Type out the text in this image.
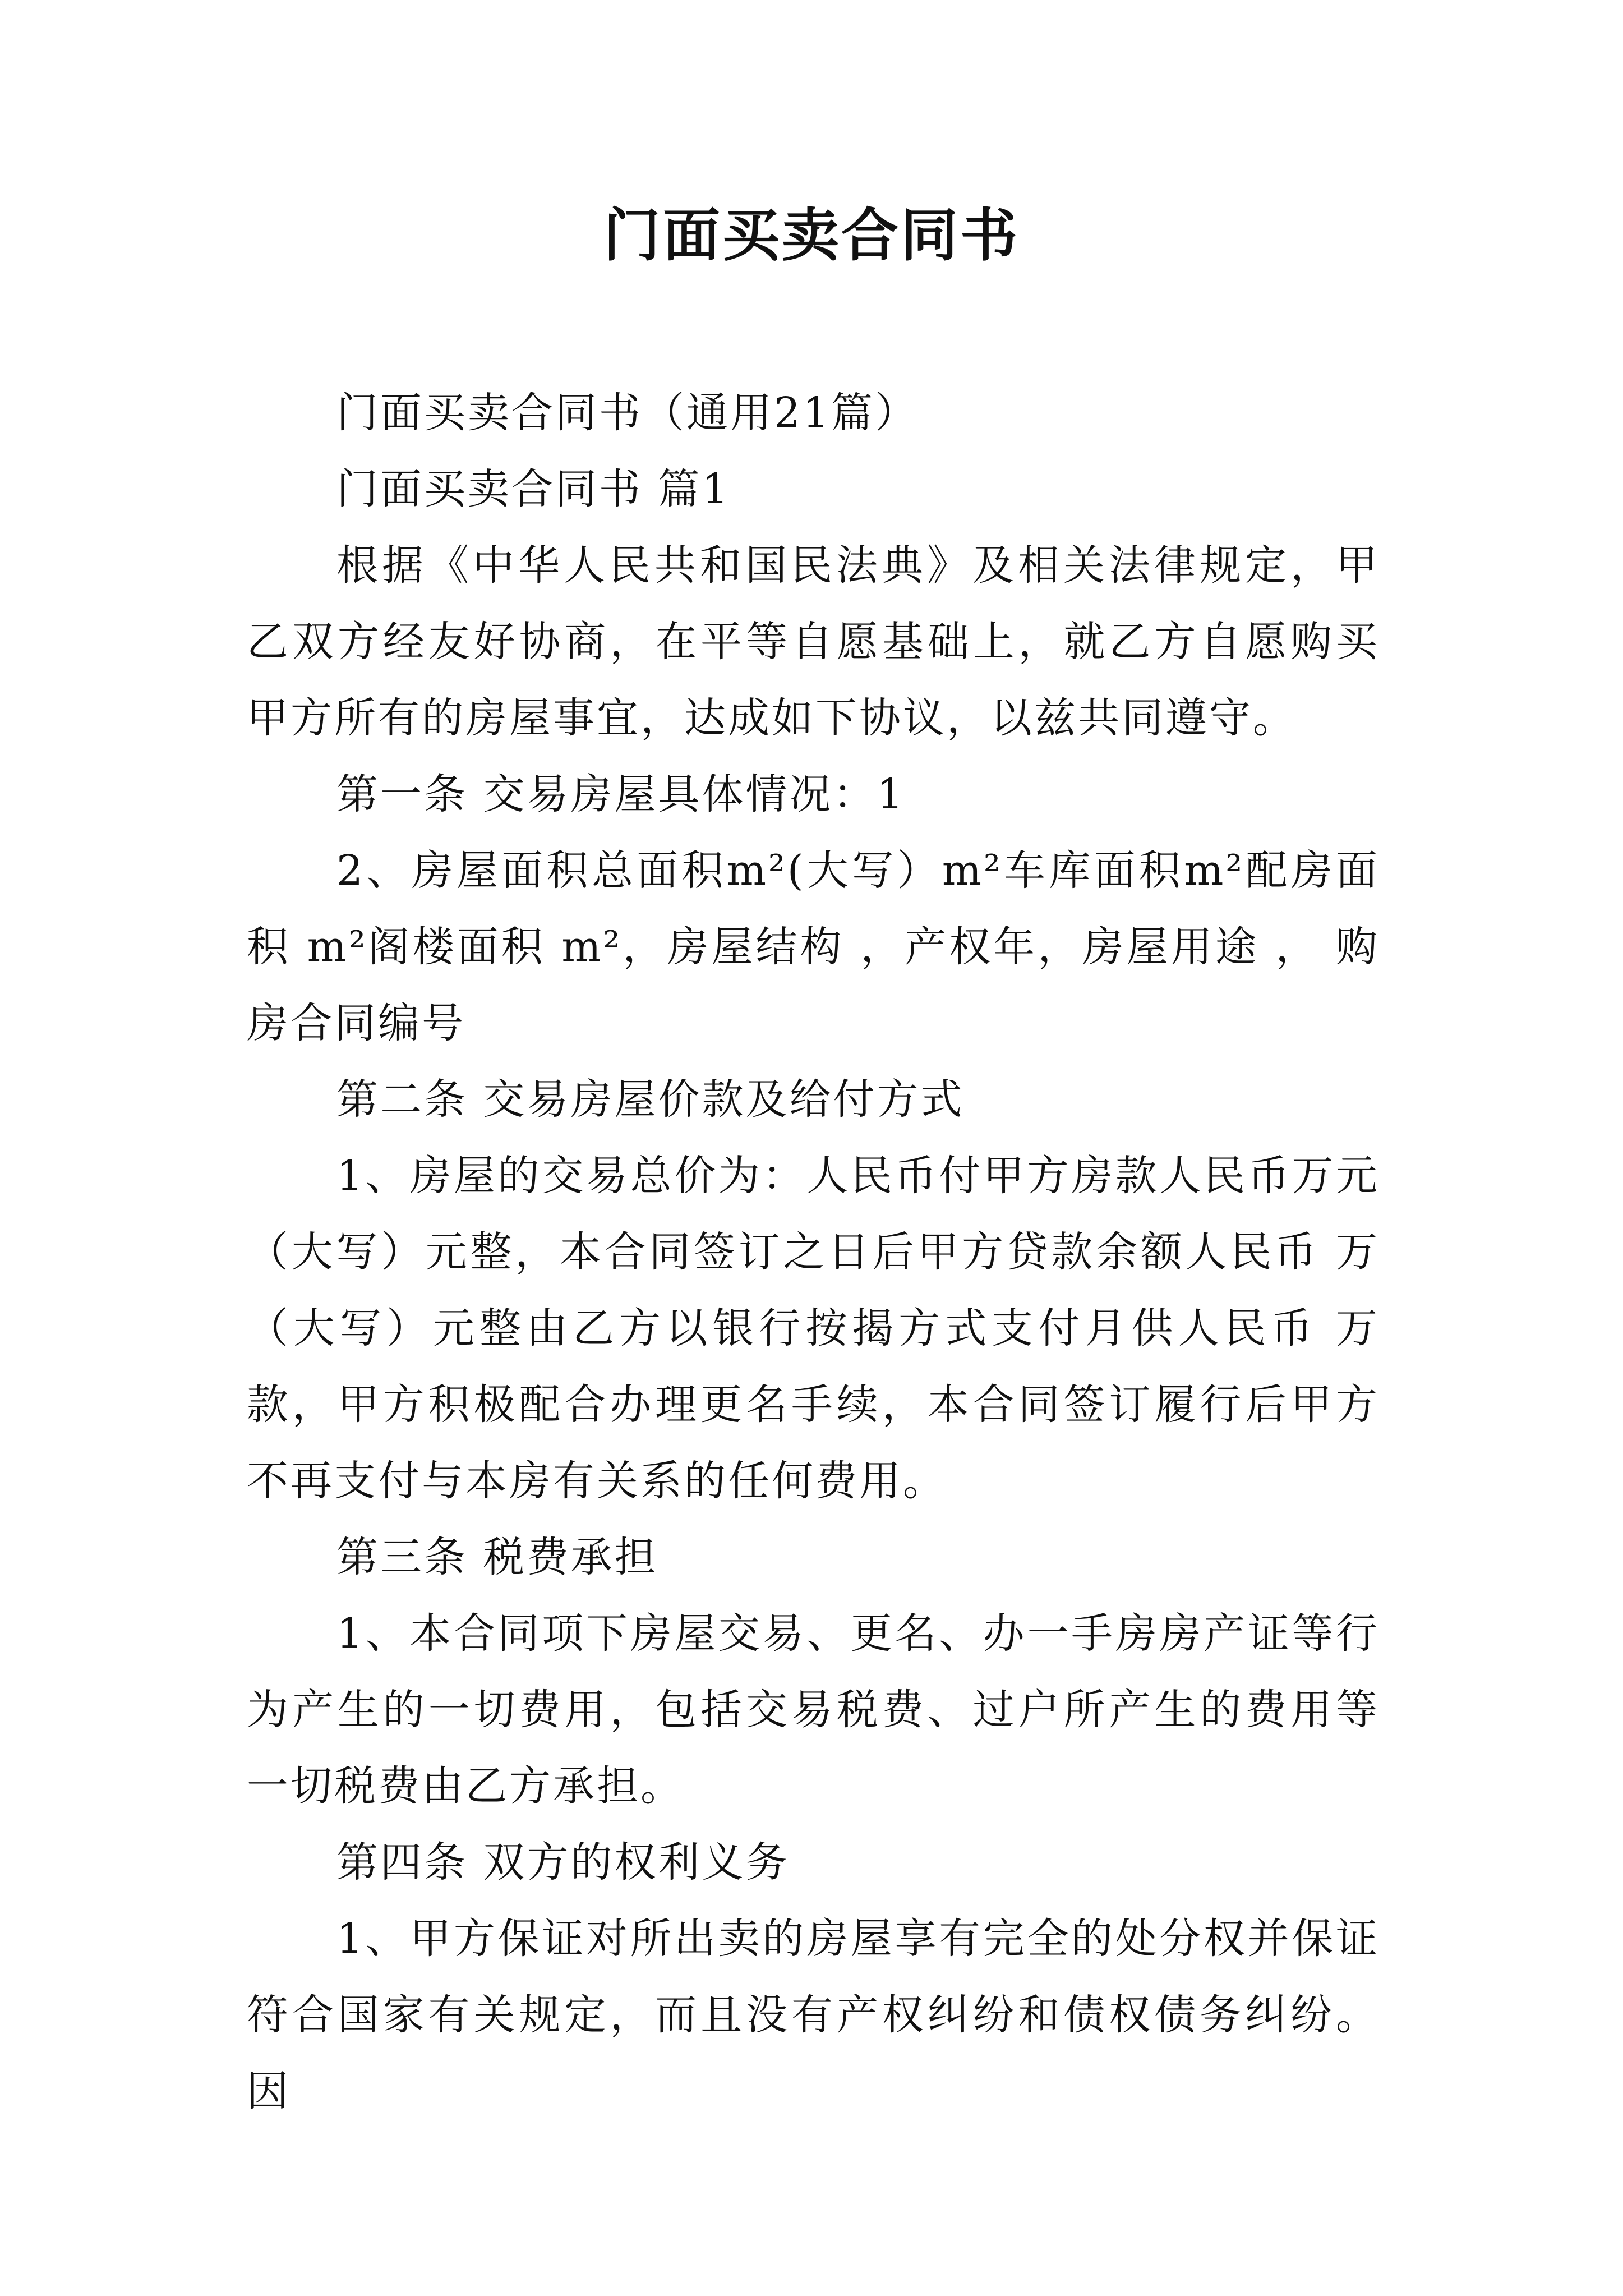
门面买卖合同书

门面买卖合同书（通用21篇）

门面买卖合同书 篇1

根据《中华人民共和国民法典》及相关法律规定，甲乙双方经友好协商，在平等自愿基础上，就乙方自愿购买甲方所有的房屋事宜，达成如下协议，以兹共同遵守。

第一条 交易房屋具体情况：1

2、房屋面积总面积m²(大写）m²车库面积m²配房面积 m²阁楼面积 m²，房屋结构 ，产权年，房屋用途 ， 购房合同编号

第二条 交易房屋价款及给付方式

1、房屋的交易总价为：人民币付甲方房款人民币万元（大写）元整，本合同签订之日后甲方贷款余额人民币 万（大写）元整由乙方以银行按揭方式支付月供人民币 万款，甲方积极配合办理更名手续，本合同签订履行后甲方不再支付与本房有关系的任何费用。

第三条 税费承担

1、本合同项下房屋交易、更名、办一手房房产证等行为产生的一切费用，包括交易税费、过户所产生的费用等一切税费由乙方承担。

第四条 双方的权利义务

1、甲方保证对所出卖的房屋享有完全的处分权并保证符合国家有关规定，而且没有产权纠纷和债权债务纠纷。因
